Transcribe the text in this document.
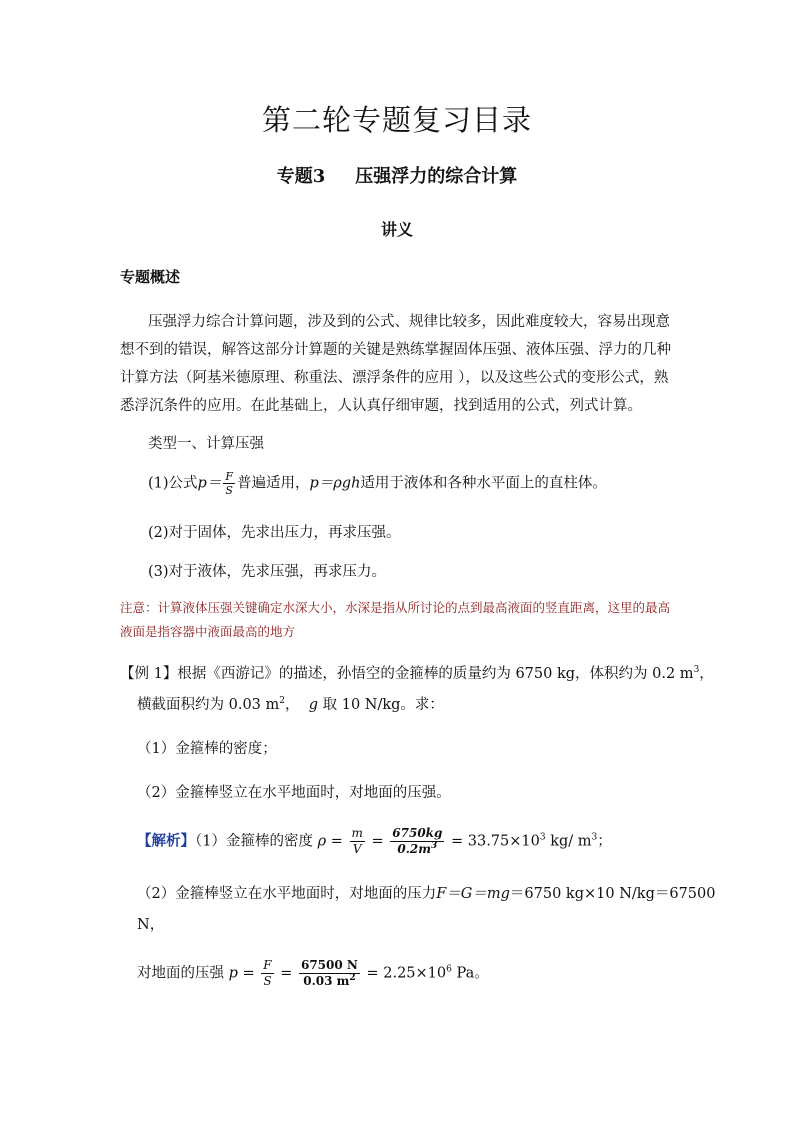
第二轮专题复习目录
专题3 压强浮力的综合计算
讲义
专题概述
压强浮力综合计算问题，涉及到的公式、规律比较多，因此难度较大，容易出现意想不到的错误，解答这部分计算题的关键是熟练掌握固体压强、液体压强、浮力的几种计算方法（阿基米德原理、称重法、漂浮条件的应用 ），以及这些公式的变形公式，熟悉浮沉条件的应用。在此基础上，人认真仔细审题，找到适用的公式，列式计算。
类型一、计算压强
(1)公式$p= \frac{F}{S}$ 普遍适用，p＝ρgh适用于液体和各种水平面上的直柱体。
(2)对于固体，先求出压力，再求压强。
(3)对于液体，先求压强，再求压力。
注意：计算液体压强关键确定水深大小，水深是指从所讨论的点到最高液面的竖直距离，这里的最高液面是指容器中液面最高的地方
【例 1】根据《西游记》的描述，孙悟空的金箍棒的质量约为 6750 kg，体积约为 0.2 $m^3$，
横截面积约为 0.03 $m^2$， g 取 10 N/kg。求：
（1）金箍棒的密度；
（2）金箍棒竖立在水平地面时，对地面的压强。
【解析】（1）金箍棒的密度 $\rho = \frac{m}{V} = \frac{6750kg}{0.2m^3} = 33.75\times 10^3$ kg/ $m^3$；
（2）金箍棒竖立在水平地面时，对地面的压力F＝G＝mg＝6750 kg×10 N/kg＝67500
N，
对地面的压强 $p = \frac{F}{S} = \frac{67500 N}{0.03 m^2} = 2.25\times 10^6$ Pa。
